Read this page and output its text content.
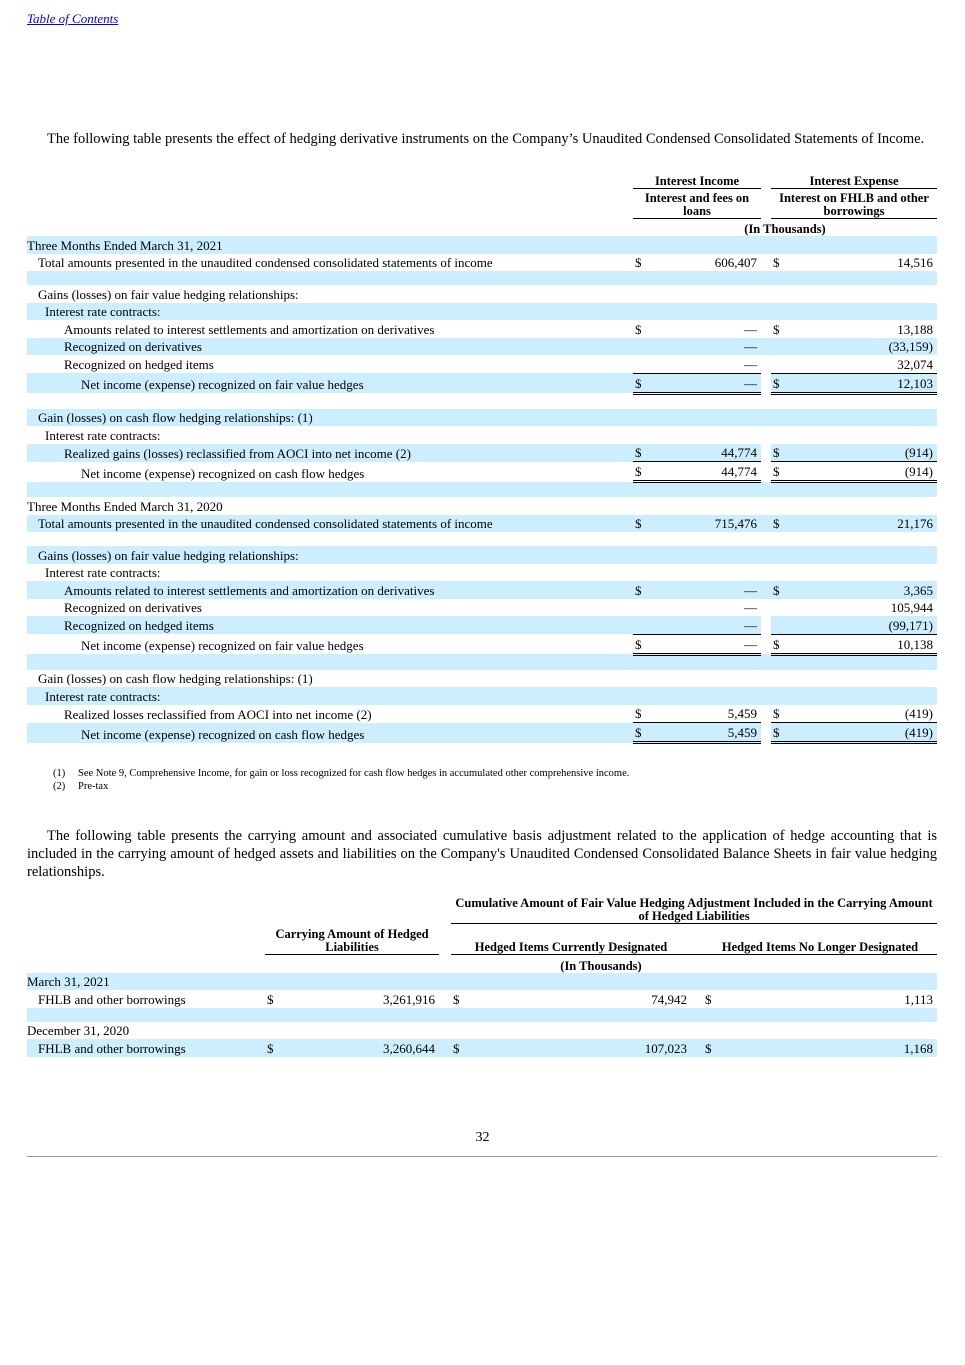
Table of Contents

The following table presents the effect of hedging derivative instruments on the Company’s Unaudited Condensed Consolidated Statements of Income.

		Interest Income			Interest Expense	
		Interest and fees on loans			Interest on FHLB and other borrowings	
		(In Thousands)				
Three Months Ended March 31, 2021						
Total amounts presented in the unaudited condensed consolidated statements of income		$	606,407		$	14,516

Gains (losses) on fair value hedging relationships:						
Interest rate contracts:						
Amounts related to interest settlements and amortization on derivatives		$	—		$	13,188
Recognized on derivatives			—			(33,159)
Recognized on hedged items			—			32,074
Net income (expense) recognized on fair value hedges		$	—		$	12,103

Gain (losses) on cash flow hedging relationships: (1)						
Interest rate contracts:						
Realized gains (losses) reclassified from AOCI into net income (2)		$	44,774		$	(914)
Net income (expense) recognized on cash flow hedges		$	44,774		$	(914)

Three Months Ended March 31, 2020						
Total amounts presented in the unaudited condensed consolidated statements of income		$	715,476		$	21,176

Gains (losses) on fair value hedging relationships:						
Interest rate contracts:						
Amounts related to interest settlements and amortization on derivatives		$	—		$	3,365
Recognized on derivatives			—			105,944
Recognized on hedged items			—			(99,171)
Net income (expense) recognized on fair value hedges		$	—		$	10,138

Gain (losses) on cash flow hedging relationships: (1)						
Interest rate contracts:						
Realized losses reclassified from AOCI into net income (2)		$	5,459		$	(419)
Net income (expense) recognized on cash flow hedges		$	5,459		$	(419)
(1) See Note 9, Comprehensive Income, for gain or loss recognized for cash flow hedges in accumulated other comprehensive income.
(2) Pre-tax

The following table presents the carrying amount and associated cumulative basis adjustment related to the application of hedge accounting that is included in the carrying amount of hedged assets and liabilities on the Company's Unaudited Condensed Consolidated Balance Sheets in fair value hedging relationships.

				Cumulative Amount of Fair Value Hedging Adjustment Included in the Carrying Amount of Hedged Liabilities				
	Carrying Amount of Hedged Liabilities			Hedged Items Currently Designated			Hedged Items No Longer Designated	
	(In Thousands)							
March 31, 2021								
FHLB and other borrowings	$	3,261,916		$	74,942		$	1,113

December 31, 2020								
FHLB and other borrowings	$	3,260,644		$	107,023		$	1,168
32
